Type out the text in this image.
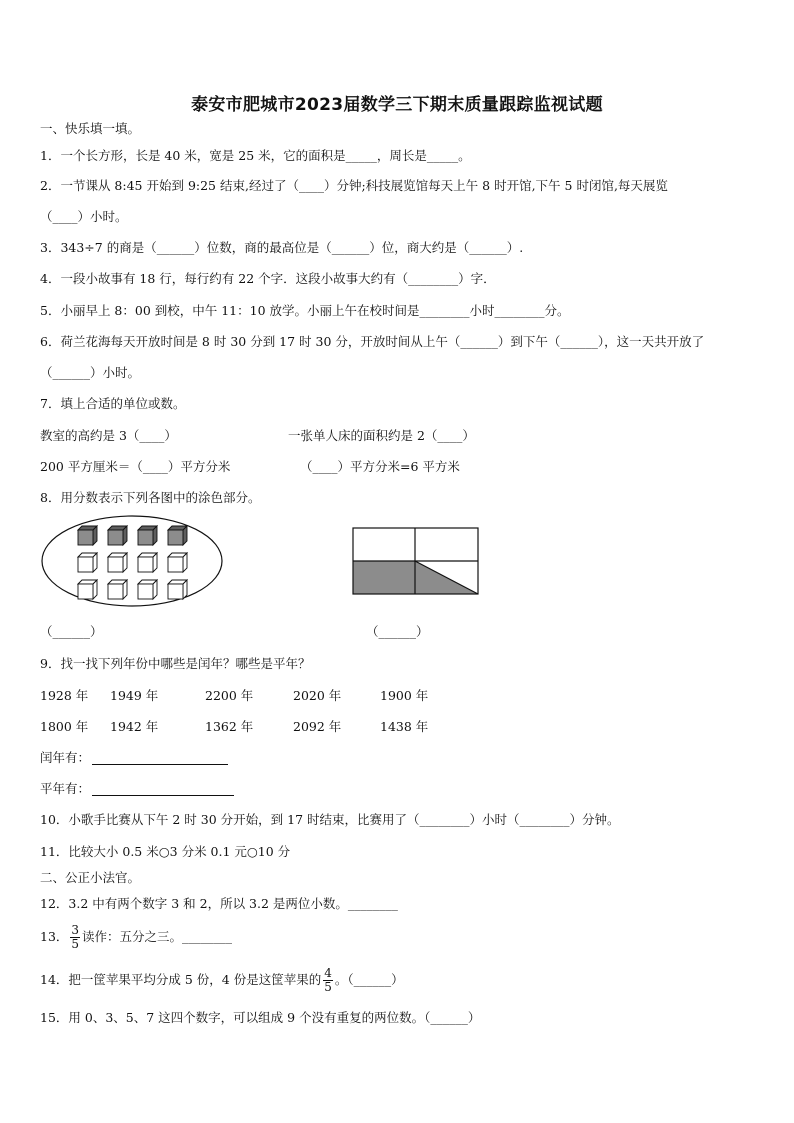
泰安市肥城市2023届数学三下期末质量跟踪监视试题
一、快乐填一填。
1．一个长方形，长是 40 米，宽是 25 米，它的面积是_____，周长是_____。
2．一节课从 8:45 开始到 9:25 结束,经过了（____）分钟;科技展览馆每天上午 8 时开馆,下午 5 时闭馆,每天展览
（____）小时。
3．343÷7 的商是（______）位数，商的最高位是（______）位，商大约是（______）.
4．一段小故事有 18 行，每行约有 22 个字．这段小故事大约有（________）字．
5．小丽早上 8：00 到校，中午 11：10 放学。小丽上午在校时间是________小时________分。
6．荷兰花海每天开放时间是 8 时 30 分到 17 时 30 分，开放时间从上午（______）到下午（______），这一天共开放了
（______）小时。
7．填上合适的单位或数。
教室的高约是 3（____）	一张单人床的面积约是 2（____）
200 平方厘米＝（____）平方分米	（____）平方分米=6 平方米
8．用分数表示下列各图中的涂色部分。
（______）	（______）
9．找一找下列年份中哪些是闰年？哪些是平年？
1928 年 1949 年	2200 年	2020 年	1900 年
1800 年 1942 年	1362 年	2092 年	1438 年
闰年有：
平年有：
10．小歌手比赛从下午 2 时 30 分开始，到 17 时结束，比赛用了（________）小时（________）分钟。
11．比较大小 0.5 米○3 分米 0.1 元○10 分
二、公正小法官。
12．3.2 中有两个数字 3 和 2，所以 3.2 是两位小数。________
13． $\frac{3}{5}$ 读作：五分之三。________
14．把一筐苹果平均分成 5 份，4 份是这筐苹果的 $\frac{4}{5}$ 。（______）
15．用 0、3、5、7 这四个数字，可以组成 9 个没有重复的两位数。（______）
